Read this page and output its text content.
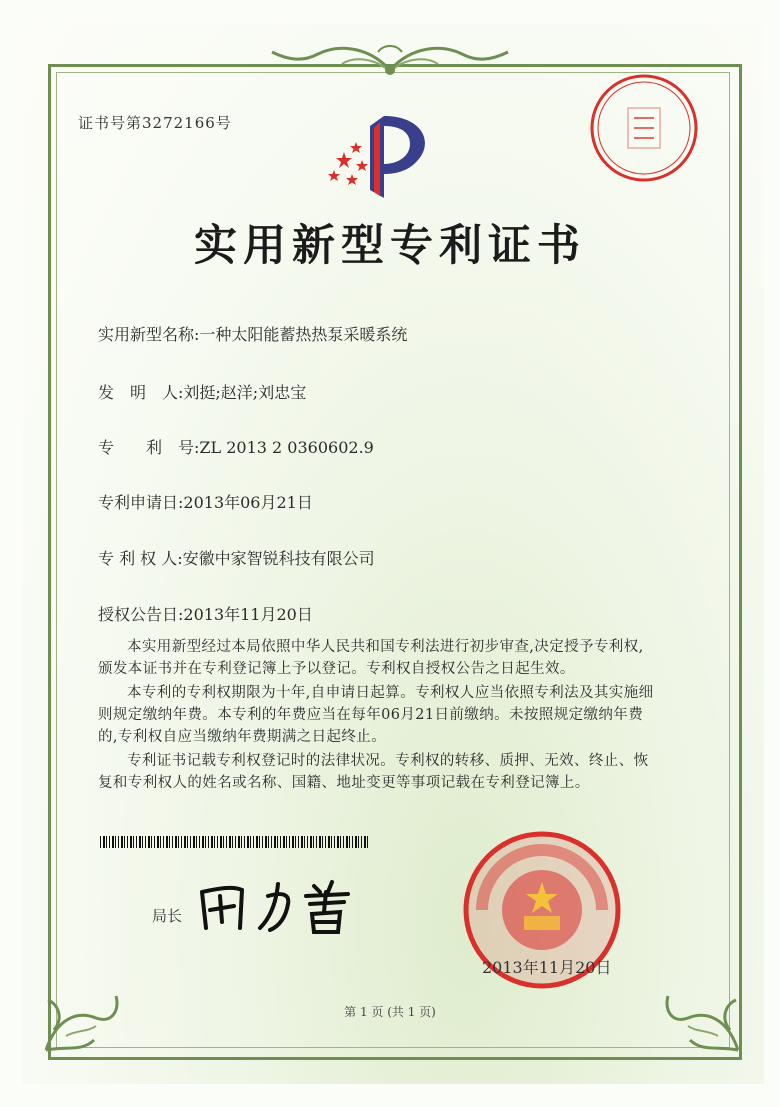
证书号第3272166号
实用新型专利证书
实用新型名称:一种太阳能蓄热热泵采暖系统
发　明　人:刘挺;赵洋;刘忠宝
专　　利　号:ZL 2013 2 0360602.9
专利申请日:2013年06月21日
专 利 权 人:安徽中家智锐科技有限公司
授权公告日:2013年11月20日
本实用新型经过本局依照中华人民共和国专利法进行初步审查,决定授予专利权,颁发本证书并在专利登记簿上予以登记。专利权自授权公告之日起生效。
本专利的专利权期限为十年,自申请日起算。专利权人应当依照专利法及其实施细则规定缴纳年费。本专利的年费应当在每年06月21日前缴纳。未按照规定缴纳年费的,专利权自应当缴纳年费期满之日起终止。
专利证书记载专利权登记时的法律状况。专利权的转移、质押、无效、终止、恢复和专利权人的姓名或名称、国籍、地址变更等事项记载在专利登记簿上。
局长
2013年11月20日
第 1 页 (共 1 页)
